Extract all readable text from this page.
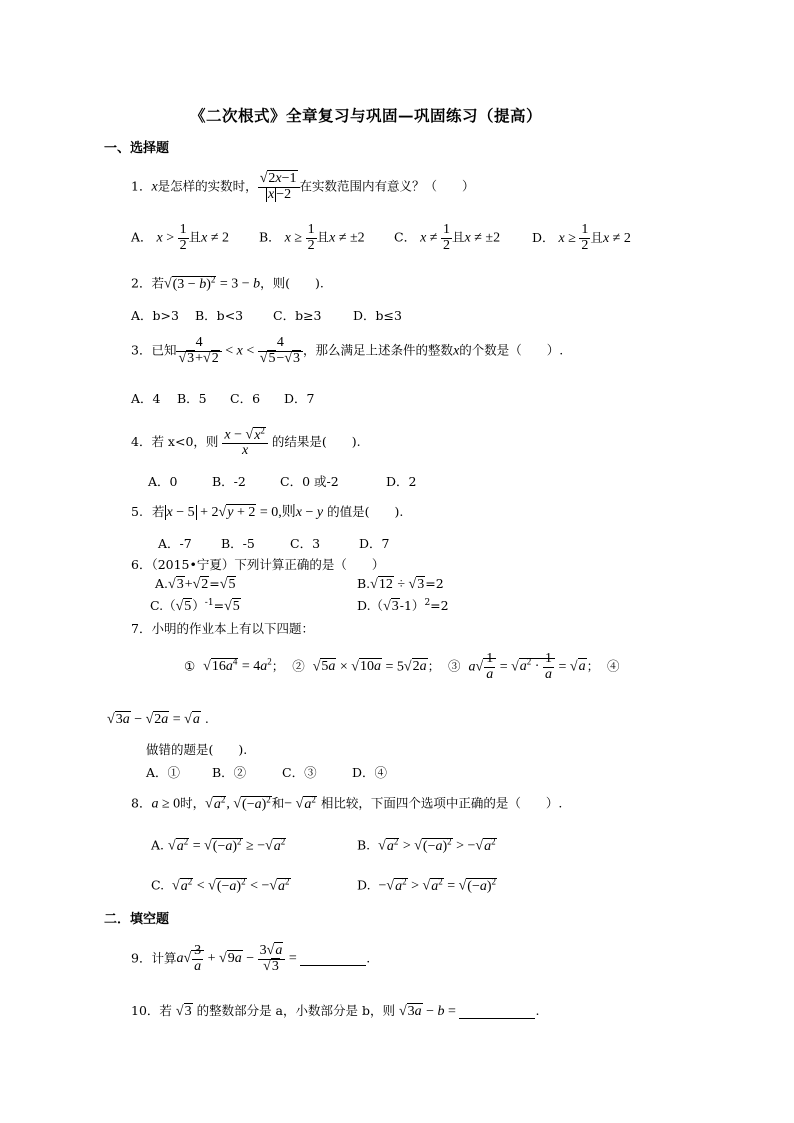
《二次根式》全章复习与巩固—巩固练习（提高）
一、选择题
1．x是怎样的实数时， $\frac{√2x-1}{x -2}$ 在实数范围内有意义？（　　）
A． $x > \frac{1}{2}$ 且x ≠ 2 B． $x \ge \frac{1}{2}$ 且x ≠ ±2 C． $x \ne \frac{1}{2}$ 且x ≠ ±2	D． $x \ge \frac{1}{2}$ 且x ≠ 2
2．若$√(3 - b)^2 = 3 - b$，则(　　).
A．b>3 B．b<3 C．b≥3	D．b≤3
3．已知 $\frac{4}{√3+√2} < x < \frac{4}{√5-√3}$ ，那么满足上述条件的整数x的个数是（　　）.
A．4 B．5 C．6 D．7
4．若 x<0，则 $\frac{x - √x^2}{x}$ 的结果是(　　).
A．0	B．-2	C．0 或-2	D．2
5. 若 x − 5 + 2√y + 2 = 0,则x − y 的值是(　　).
A．-7 B．-5	C．3	D．7
6．（2015•宁夏）下列计算正确的是（　　）
A.√3+√2=√5	B.√12 ÷ √3=2
$C.(√5)^{-1}=√5$	$D.(√3-1)^2=2$
7．小明的作业本上有以下四题：
① $√16a^4 = 4a^2$； ② √5a × √10a = 5√2a； ③ $a√ \frac{1}{a} = √a^2 \cdot \frac{1}{a} = √a$； ④
√3a − √2a = √a .
做错的题是(　　).
A．①	B．②	C．③	D．④
8．a ≥ 0时，$√a^2$, $√(-a)^2$和− $√a^2$ 相比较，下面四个选项中正确的是（　　）.
A. $√a^2 = √(-a)^2 \ge -√a^2$	B. $√a^2 > √(-a)^2 > -√a^2$
C. $√a^2 < √(-a)^2 < -√a^2$	D. $-√a^2 > √a^2 = √(-a)^2$
二．填空题
9．计算$a√ \frac{3}{a} + √9a - \frac{3√a}{√3}$ =	.
10．若 √3 的整数部分是 a，小数部分是 b，则 √3a − b =	.
